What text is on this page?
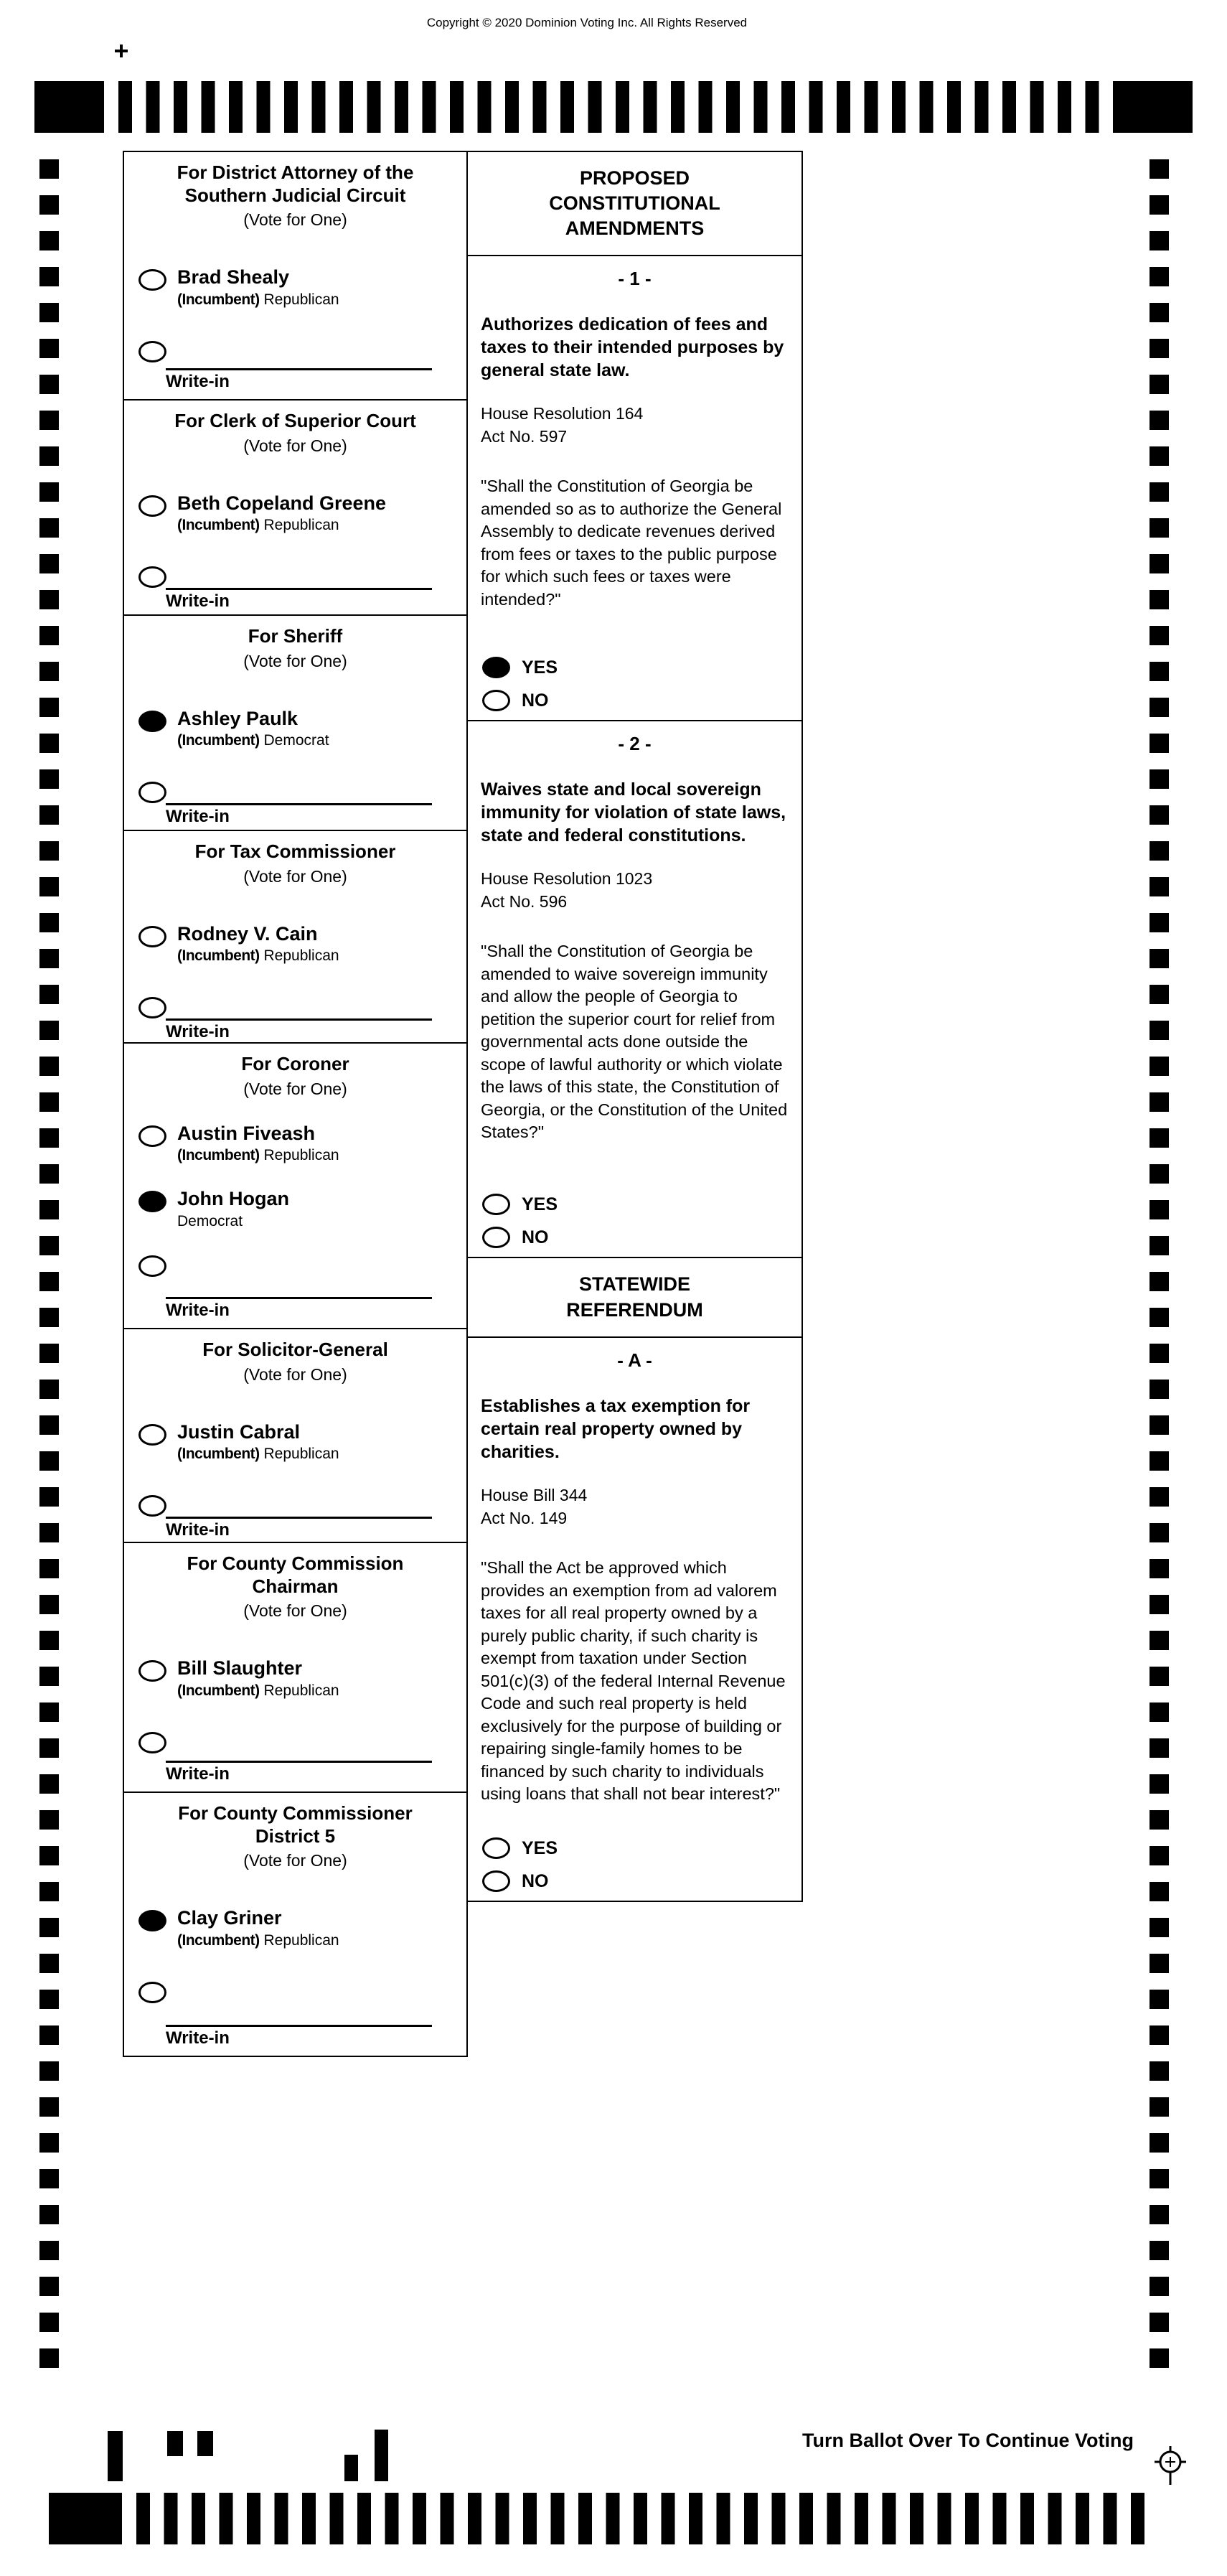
Copyright © 2020 Dominion Voting Inc. All Rights Reserved
20
For District Attorney of the Southern Judicial Circuit
(Vote for One)
Brad Shealy
(Incumbent) Republican
Write-in
For Clerk of Superior Court
(Vote for One)
Beth Copeland Greene
(Incumbent) Republican
Write-in
For Sheriff
(Vote for One)
Ashley Paulk
(Incumbent) Democrat
Write-in
For Tax Commissioner
(Vote for One)
Rodney V. Cain
(Incumbent) Republican
Write-in
For Coroner
(Vote for One)
Austin Fiveash
(Incumbent) Republican
John Hogan
Democrat
Write-in
For Solicitor-General
(Vote for One)
Justin Cabral
(Incumbent) Republican
Write-in
For County Commission Chairman
(Vote for One)
Bill Slaughter
(Incumbent) Republican
Write-in
For County Commissioner District 5
(Vote for One)
Clay Griner
(Incumbent) Republican
Write-in
PROPOSED CONSTITUTIONAL AMENDMENTS
- 1 -
Authorizes dedication of fees and taxes to their intended purposes by general state law.
House Resolution 164
Act No. 597
"Shall the Constitution of Georgia be amended so as to authorize the General Assembly to dedicate revenues derived from fees or taxes to the public purpose for which such fees or taxes were intended?"
YES
NO
- 2 -
Waives state and local sovereign immunity for violation of state laws, state and federal constitutions.
House Resolution 1023
Act No. 596
"Shall the Constitution of Georgia be amended to waive sovereign immunity and allow the people of Georgia to petition the superior court for relief from governmental acts done outside the scope of lawful authority or which violate the laws of this state, the Constitution of Georgia, or the Constitution of the United States?"
YES
NO
STATEWIDE REFERENDUM
- A -
Establishes a tax exemption for certain real property owned by charities.
House Bill 344
Act No. 149
"Shall the Act be approved which provides an exemption from ad valorem taxes for all real property owned by a purely public charity, if such charity is exempt from taxation under Section 501(c)(3) of the federal Internal Revenue Code and such real property is held exclusively for the purpose of building or repairing single-family homes to be financed by such charity to individuals using loans that shall not bear interest?"
YES
NO
Turn Ballot Over To Continue Voting
